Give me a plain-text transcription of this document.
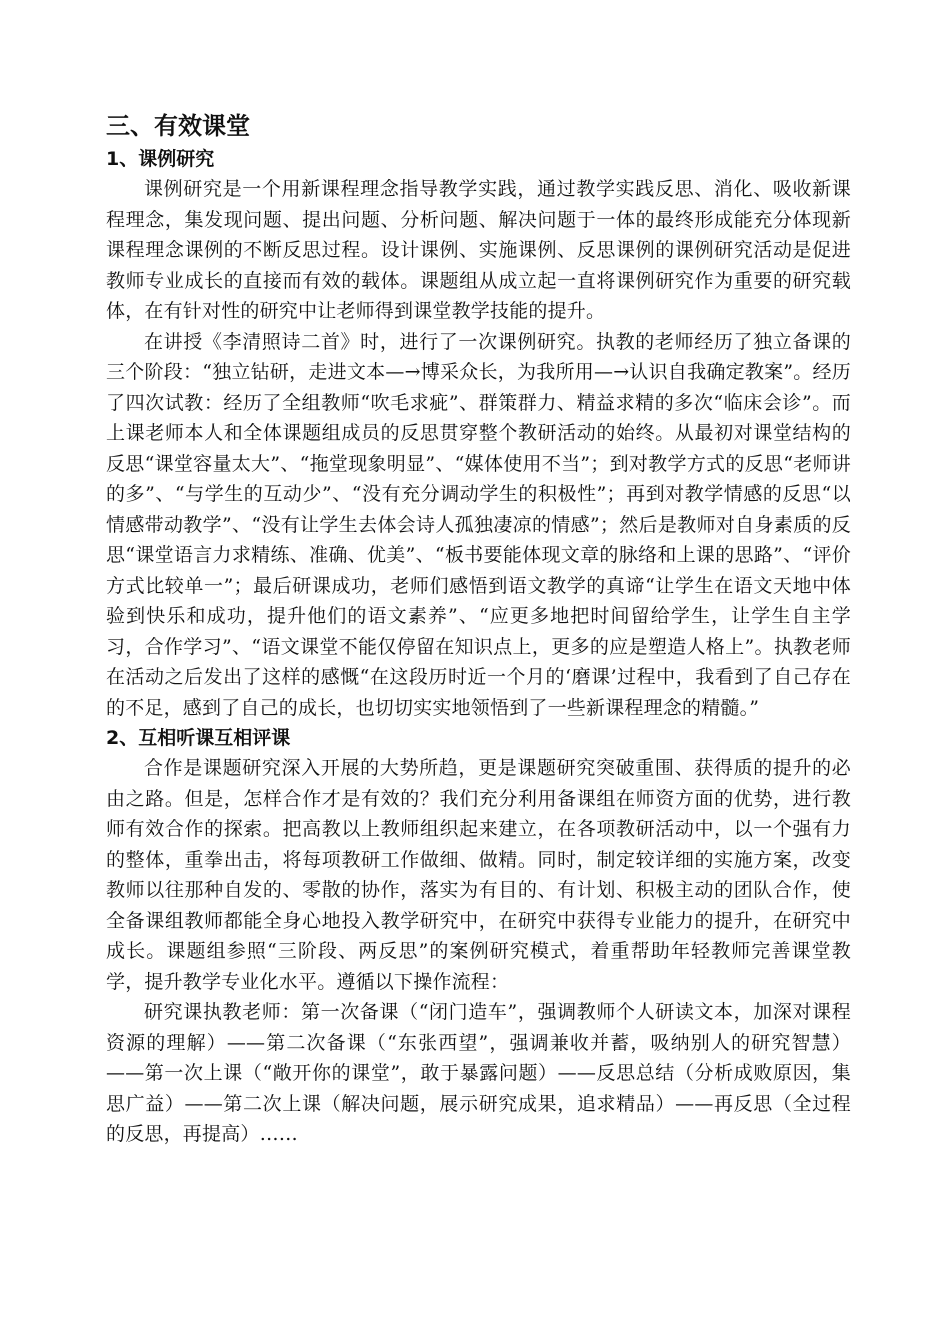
三、有效课堂
1、课例研究

课例研究是一个用新课程理念指导教学实践，通过教学实践反思、消化、吸收新课程理念，集发现问题、提出问题、分析问题、解决问题于一体的最终形成能充分体现新课程理念课例的不断反思过程。设计课例、实施课例、反思课例的课例研究活动是促进教师专业成长的直接而有效的载体。课题组从成立起一直将课例研究作为重要的研究载体，在有针对性的研究中让老师得到课堂教学技能的提升。

在讲授《李清照诗二首》时，进行了一次课例研究。执教的老师经历了独立备课的三个阶段：“独立钻研，走进文本—→博采众长，为我所用—→认识自我确定教案”。经历了四次试教：经历了全组教师“吹毛求疵”、群策群力、精益求精的多次“临床会诊”。而上课老师本人和全体课题组成员的反思贯穿整个教研活动的始终。从最初对课堂结构的反思“课堂容量太大”、“拖堂现象明显”、“媒体使用不当”；到对教学方式的反思“老师讲的多”、“与学生的互动少”、“没有充分调动学生的积极性”；再到对教学情感的反思“以情感带动教学”、“没有让学生去体会诗人孤独凄凉的情感”；然后是教师对自身素质的反思“课堂语言力求精练、准确、优美”、“板书要能体现文章的脉络和上课的思路”、“评价方式比较单一”；最后研课成功，老师们感悟到语文教学的真谛“让学生在语文天地中体验到快乐和成功，提升他们的语文素养”、“应更多地把时间留给学生，让学生自主学习，合作学习”、“语文课堂不能仅停留在知识点上，更多的应是塑造人格上”。执教老师在活动之后发出了这样的感慨“在这段历时近一个月的‘磨课’过程中，我看到了自己存在的不足，感到了自己的成长，也切切实实地领悟到了一些新课程理念的精髓。”

2、互相听课互相评课

合作是课题研究深入开展的大势所趋，更是课题研究突破重围、获得质的提升的必由之路。但是，怎样合作才是有效的？我们充分利用备课组在师资方面的优势，进行教师有效合作的探索。把高教以上教师组织起来建立，在各项教研活动中，以一个强有力的整体，重拳出击，将每项教研工作做细、做精。同时，制定较详细的实施方案，改变教师以往那种自发的、零散的协作，落实为有目的、有计划、积极主动的团队合作，使全备课组教师都能全身心地投入教学研究中，在研究中获得专业能力的提升，在研究中成长。课题组参照“三阶段、两反思”的案例研究模式，着重帮助年轻教师完善课堂教学，提升教学专业化水平。遵循以下操作流程：

研究课执教老师：第一次备课（“闭门造车”，强调教师个人研读文本，加深对课程资源的理解）——第二次备课（“东张西望”，强调兼收并蓄，吸纳别人的研究智慧）——第一次上课（“敞开你的课堂”，敢于暴露问题）——反思总结（分析成败原因，集思广益）——第二次上课（解决问题，展示研究成果，追求精品）——再反思（全过程的反思，再提高）……
